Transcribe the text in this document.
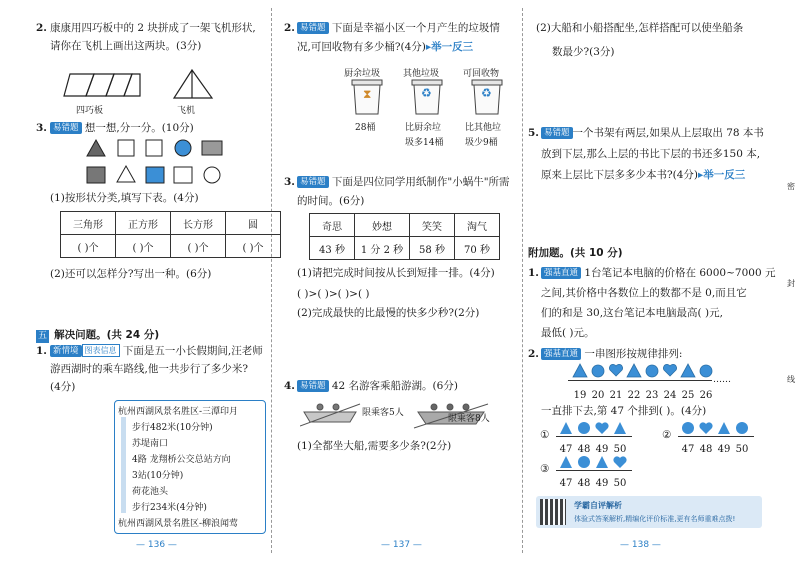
2. 康康用四巧板中的 2 块拼成了一架飞机形状,
请你在飞机上画出这两块。(3分)
四巧板	飞机
3. 易错题 想一想,分一分。(10分)
(1)按形状分类,填写下表。(4分)
三角形	正方形	长方形	圆
( )个	( )个	( )个	( )个
(2)还可以怎样分?写出一种。(6分)
五 解决问题。(共 24 分)
1. 新情境 图表信息 下面是五一小长假期间,汪老师
游西湖时的乘车路线,他一共步行了多少米?
(4分)
杭州西湖风景名胜区-三潭印月
步行482米(10分钟)
苏堤南口
4路 龙翔桥公交总站方向
3站(10分钟)
荷花池头
步行234米(4分钟)
杭州西湖风景名胜区-柳浪闻莺
2. 易错题 下面是幸福小区一个月产生的垃圾情
况,可回收物有多少桶?(4分)▸举一反三
厨余垃圾	其他垃圾	可回收物
⧗	♻	♻
28桶	比厨余垃
圾多14桶
比其他垃
圾少9桶
3. 易错题 下面是四位同学用纸制作"小蜗牛"所需
的时间。(6分)
奇思	妙想	笑笑	淘气
43 秒	1 分 2 秒	58 秒	70 秒
(1)请把完成时间按从长到短排一排。(4分)
( )>( )>( )>( )
(2)完成最快的比最慢的快多少秒?(2分)
4. 易错题 42 名游客乘船游湖。(6分)
限乘客5人
限乘客8人
(1)全都坐大船,需要多少条?(2分)
(2)大船和小船搭配坐,怎样搭配可以使坐船条
数最少?(3分)
5. 易错题 一个书架有两层,如果从上层取出 78 本书
放到下层,那么上层的书比下层的书还多150 本,
原来上层比下层多多少本书?(4分)▸举一反三
附加题。(共 10 分)
1. 强基直通 1台笔记本电脑的价格在 6000~7000 元
之间,其价格中各数位上的数都不是 0,而且它
们的和是 30,这台笔记本电脑最高( )元,
最低( )元。
2. 强基直通 一串图形按规律排列:
19 20 21 22 23 24 25 26
……
一直排下去,第 47 个排到( )。(4分)
①
47 48 49 50
②
47 48 49 50
③
47 48 49 50
学霸自评解析
体验式答案解析,精编化评价标准,更有名师重难点拨!
密
封
线
— 136 —	— 137 —	— 138 —
